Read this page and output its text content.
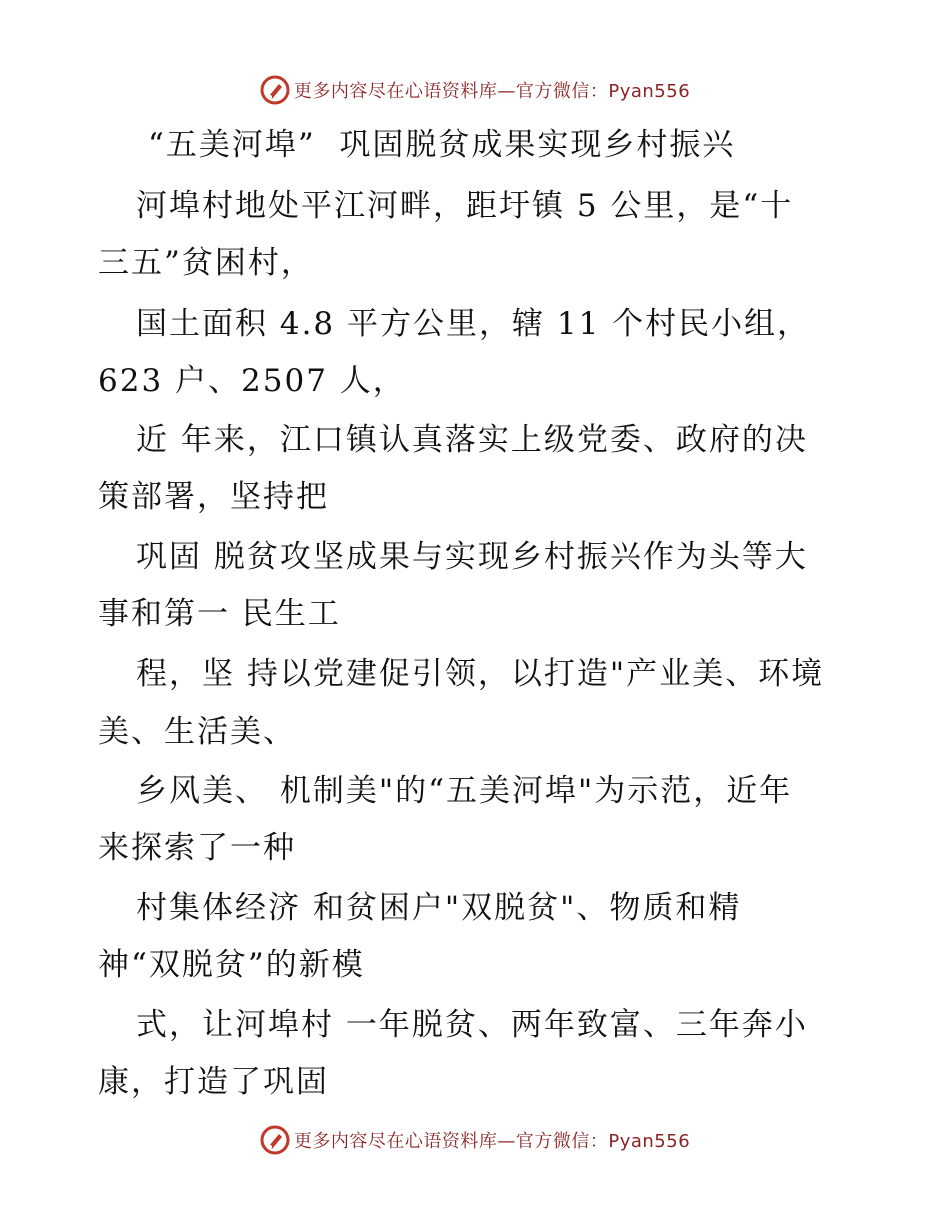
更多内容尽在心语资料库—官方微信：Pyan556
“五美河埠”  巩固脱贫成果实现乡村振兴
河埠村地处平江河畔，距圩镇 5 公里，是“十
三五”贫困村，
国土面积 4.8 平方公里，辖 11 个村民小组，
623 户、2507 人，
近 年来，江口镇认真落实上级党委、政府的决
策部署，坚持把
巩固 脱贫攻坚成果与实现乡村振兴作为头等大
事和第一 民生工
程，坚 持以党建促引领，以打造"产业美、环境
美、生活美、
乡风美、 机制美"的“五美河埠"为示范，近年
来探索了一种
村集体经济 和贫困户"双脱贫"、物质和精
神“双脱贫”的新模
式，让河埠村 一年脱贫、两年致富、三年奔小
康，打造了巩固
更多内容尽在心语资料库—官方微信：Pyan556
